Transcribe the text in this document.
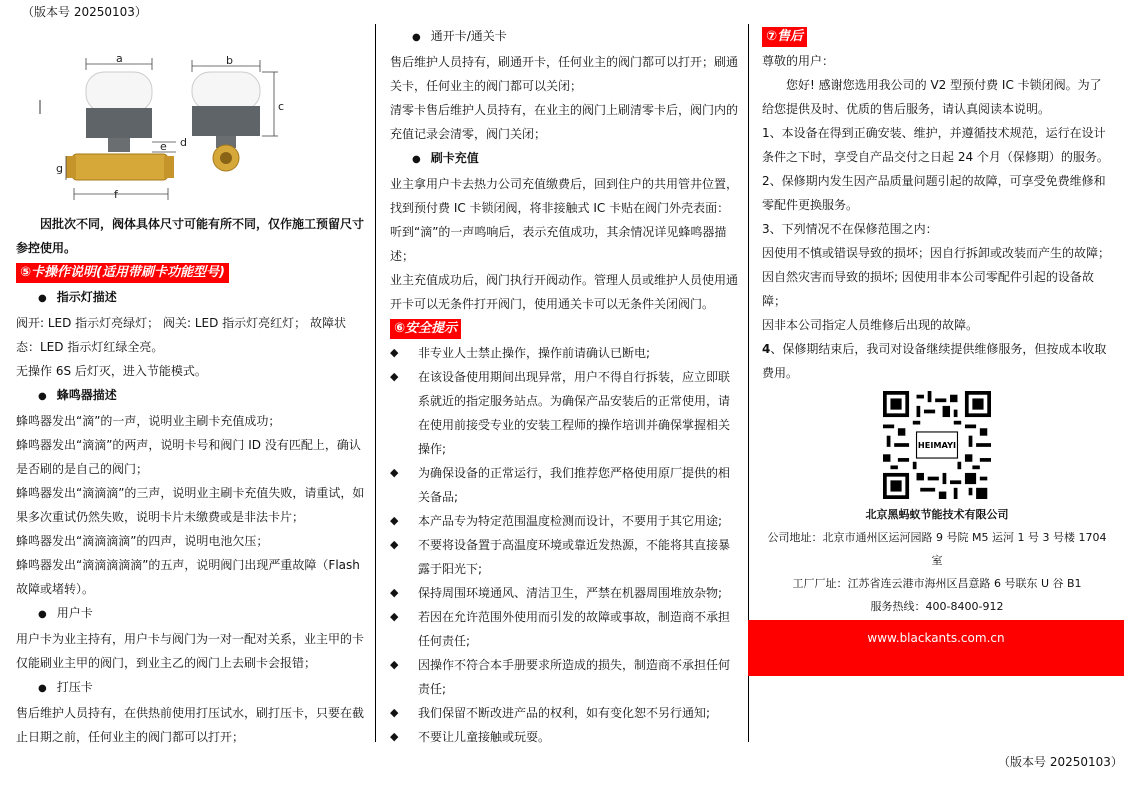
（版本号 20250103）
a
g
f
e d
b
c

因批次不同，阀体具体尺寸可能有所不同，仅作施工预留尺寸参控使用。

⑤卡操作说明(适用带刷卡功能型号)

● 指示灯描述

阀开: LED 指示灯亮绿灯； 阀关: LED 指示灯亮红灯； 故障状态：LED 指示灯红绿全亮。

无操作 6S 后灯灭，进入节能模式。

● 蜂鸣器描述

蜂鸣器发出“滴”的一声，说明业主刷卡充值成功；

蜂鸣器发出“滴滴”的两声，说明卡号和阀门 ID 没有匹配上，确认是否刷的是自己的阀门；

蜂鸣器发出“滴滴滴”的三声，说明业主刷卡充值失败，请重试，如果多次重试仍然失败，说明卡片未缴费或是非法卡片；

蜂鸣器发出“滴滴滴滴”的四声，说明电池欠压；

蜂鸣器发出“滴滴滴滴滴”的五声，说明阀门出现严重故障（Flash 故障或堵转）。

● 用户卡

用户卡为业主持有，用户卡与阀门为一对一配对关系，业主甲的卡仅能刷业主甲的阀门，到业主乙的阀门上去刷卡会报错；

● 打压卡

售后维护人员持有，在供热前使用打压试水，刷打压卡，只要在截止日期之前，任何业主的阀门都可以打开；

● 通开卡/通关卡

售后维护人员持有，刷通开卡，任何业主的阀门都可以打开；刷通关卡，任何业主的阀门都可以关闭；

清零卡售后维护人员持有，在业主的阀门上刷清零卡后，阀门内的充值记录会清零，阀门关闭；

● 刷卡充值

业主拿用户卡去热力公司充值缴费后，回到住户的共用管井位置，找到预付费 IC 卡锁闭阀，将非接触式 IC 卡贴在阀门外壳表面：听到“滴”的一声鸣响后，表示充值成功，其余情况详见蜂鸣器描述；

业主充值成功后，阀门执行开阀动作。管理人员或维护人员使用通开卡可以无条件打开阀门，使用通关卡可以无条件关闭阀门。

⑥安全提示
◆ 非专业人士禁止操作，操作前请确认已断电;
◆ 在该设备使用期间出现异常，用户不得自行拆装，应立即联系就近的指定服务站点。为确保产品安装后的正常使用，请在使用前接受专业的安装工程师的操作培训并确保掌握相关操作;
◆ 为确保设备的正常运行，我们推荐您严格使用原厂提供的相关备品;
◆ 本产品专为特定范围温度检测而设计，不要用于其它用途;
◆ 不要将设备置于高温度环境或靠近发热源，不能将其直接暴露于阳光下;
◆ 保持周围环境通风、清洁卫生，严禁在机器周围堆放杂物;
◆ 若因在允许范围外使用而引发的故障或事故，制造商不承担任何责任;
◆ 因操作不符合本手册要求所造成的损失，制造商不承担任何责任;
◆ 我们保留不断改进产品的权利，如有变化恕不另行通知;
◆ 不要让儿童接触或玩耍。
⑦售后

尊敬的用户：

您好! 感谢您选用我公司的 V2 型预付费 IC 卡锁闭阀。为了给您提供及时、优质的售后服务，请认真阅读本说明。

1、本设备在得到正确安装、维护，并遵循技术规范，运行在设计条件之下时，享受自产品交付之日起 24 个月（保修期）的服务。

2、保修期内发生因产品质量问题引起的故障，可享受免费维修和零配件更换服务。

3、下列情况不在保修范围之内：

因使用不慎或错误导致的损坏；因自行拆卸或改装而产生的故障；

因自然灾害而导致的损坏; 因使用非本公司零配件引起的设备故障；

因非本公司指定人员维修后出现的故障。

4、保修期结束后，我司对设备继续提供维修服务，但按成本收取费用。

HEIMAYI

北京黑蚂蚁节能技术有限公司

公司地址：北京市通州区运河园路 9 号院 M5 运河 1 号 3 号楼 1704 室

工厂厂址：江苏省连云港市海州区昌意路 6 号联东 U 谷 B1

服务热线：400-8400-912

www.blackants.com.cn
（版本号 20250103）
